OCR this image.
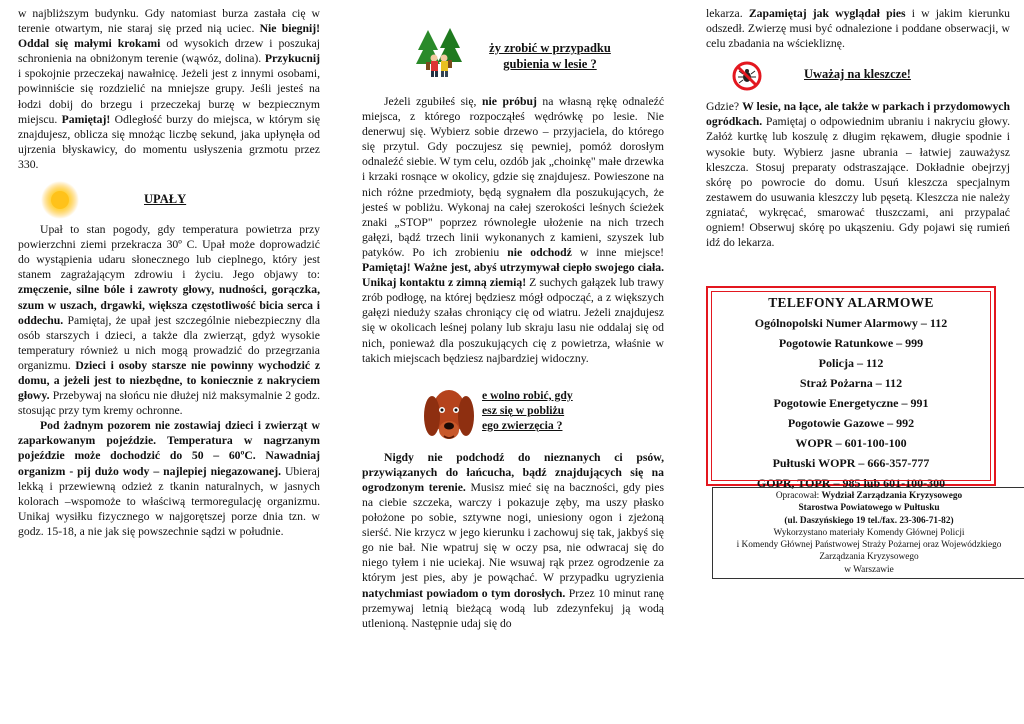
w najbliższym budynku. Gdy natomiast burza zastała cię w terenie otwartym, nie staraj się przed nią uciec. Nie biegnij! Oddal się małymi krokami od wysokich drzew i poszukaj schronienia na obniżonym terenie (wąwóz, dolina). Przykucnij i spokojnie przeczekaj nawałnicę. Jeżeli jest z innymi osobami, powinniście się rozdzielić na mniejsze grupy. Jeśli jesteś na łodzi dobij do brzegu i przeczekaj burzę w bezpiecznym miejscu. Pamiętaj! Odległość burzy do miejsca, w którym się znajdujesz, oblicza się mnożąc liczbę sekund, jaka upłynęła od ujrzenia błyskawicy, do momentu usłyszenia grzmotu przez 330.

UPAŁY

Upał to stan pogody, gdy temperatura powietrza przy powierzchni ziemi przekracza 30º C. Upał może doprowadzić do wystąpienia udaru słonecznego lub cieplnego, który jest stanem zagrażającym zdrowiu i życiu. Jego objawy to: zmęczenie, silne bóle i zawroty głowy, nudności, gorączka, szum w uszach, drgawki, większa częstotliwość bicia serca i oddechu. Pamiętaj, że upał jest szczególnie niebezpieczny dla osób starszych i dzieci, a także dla zwierząt, gdyż wysokie temperatury również u nich mogą prowadzić do przegrzania organizmu. Dzieci i osoby starsze nie powinny wychodzić z domu, a jeżeli jest to niezbędne, to koniecznie z nakryciem głowy. Przebywaj na słońcu nie dłużej niż maksymalnie 2 godz. stosując przy tym kremy ochronne.

Pod żadnym pozorem nie zostawiaj dzieci i zwierząt w zaparkowanym pojeździe. Temperatura w nagrzanym pojeździe może dochodzić do 50 – 60ºC. Nawadniaj organizm - pij dużo wody – najlepiej niegazowanej. Ubieraj lekką i przewiewną odzież z tkanin naturalnych, w jasnych kolorach –wspomoże to właściwą termoregulację organizmu. Unikaj wysiłku fizycznego w najgorętszej porze dnia tzn. w godz. 15-18, a nie jak się powszechnie sądzi w południe.

ży zrobić w przypadku
gubienia w lesie ?

Jeżeli zgubiłeś się, nie próbuj na własną rękę odnaleźć miejsca, z którego rozpocząłeś wędrówkę po lesie. Nie denerwuj się. Wybierz sobie drzewo – przyjaciela, do którego się przytul. Gdy poczujesz się pewniej, pomóż dorosłym odnaleźć siebie. W tym celu, ozdób jak „choinkę" małe drzewka i krzaki rosnące w okolicy, gdzie się znajdujesz. Powieszone na nich różne przedmioty, będą sygnałem dla poszukujących, że jesteś w pobliżu. Wykonaj na całej szerokości leśnych ścieżek znaki „STOP" poprzez równoległe ułożenie na nich trzech gałęzi, bądź trzech linii wykonanych z kamieni, szyszek lub patyków. Po ich zrobieniu nie odchodź w inne miejsce! Pamiętaj! Ważne jest, abyś utrzymywał ciepło swojego ciała. Unikaj kontaktu z zimną ziemią! Z suchych gałązek lub trawy zrób podłogę, na której będziesz mógł odpocząć, a z większych gałęzi nieduży szałas chroniący cię od wiatru. Jeżeli znajdujesz się w okolicach leśnej polany lub skraju lasu nie oddalaj się od nich, ponieważ dla poszukujących cię z powietrza, właśnie w takich miejscach będziesz najbardziej widoczny.

e wolno robić, gdy
esz się w pobliżu
ego zwierzęcia ?

Nigdy nie podchodź do nieznanych ci psów, przywiązanych do łańcucha, bądź znajdujących się na ogrodzonym terenie. Musisz mieć się na baczności, gdy pies na ciebie szczeka, warczy i pokazuje zęby, ma uszy płasko położone po sobie, sztywne nogi, uniesiony ogon i zjeżoną sierść. Nie krzycz w jego kierunku i zachowuj się tak, jakbyś się go nie bał. Nie wpatruj się w oczy psa, nie odwracaj się do niego tyłem i nie uciekaj. Nie wsuwaj rąk przez ogrodzenie za którym jest pies, aby je powąchać. W przypadku ugryzienia natychmiast powiadom o tym dorosłych. Przez 10 minut ranę przemywaj letnią bieżącą wodą lub zdezynfekuj ją wodą utlenioną. Następnie udaj się do

lekarza. Zapamiętaj jak wyglądał pies i w jakim kierunku odszedł. Zwierzę musi być odnalezione i poddane obserwacji, w celu zbadania na wściekliznę.

Uważaj na kleszcze!

Gdzie? W lesie, na łące, ale także w parkach i przydomowych ogródkach. Pamiętaj o odpowiednim ubraniu i nakryciu głowy. Załóż kurtkę lub koszulę z długim rękawem, długie spodnie i wysokie buty. Wybierz jasne ubrania – łatwiej zauważysz kleszcza. Stosuj preparaty odstraszające. Dokładnie obejrzyj skórę po powrocie do domu. Usuń kleszcza specjalnym zestawem do usuwania kleszczy lub pęsetą. Kleszcza nie należy zgniatać, wykręcać, smarować tłuszczami, ani przypalać ogniem! Obserwuj skórę po ukąszeniu. Gdy pojawi się rumień idź do lekarza.

TELEFONY ALARMOWE
Ogólnopolski Numer Alarmowy – 112
Pogotowie Ratunkowe – 999
Policja – 112
Straż Pożarna – 112
Pogotowie Energetyczne – 991
Pogotowie Gazowe – 992
WOPR – 601-100-100
Pułtuski WOPR – 666-357-777
GOPR, TOPR – 985 lub 601-100-300
Opracował: Wydział Zarządzania Kryzysowego
Starostwa Powiatowego w Pułtusku
(ul. Daszyńskiego 19 tel./fax. 23-306-71-82)
Wykorzystano materiały Komendy Głównej Policji
i Komendy Głównej Państwowej Straży Pożarnej oraz Wojewódzkiego
Zarządzania Kryzysowego
w Warszawie
